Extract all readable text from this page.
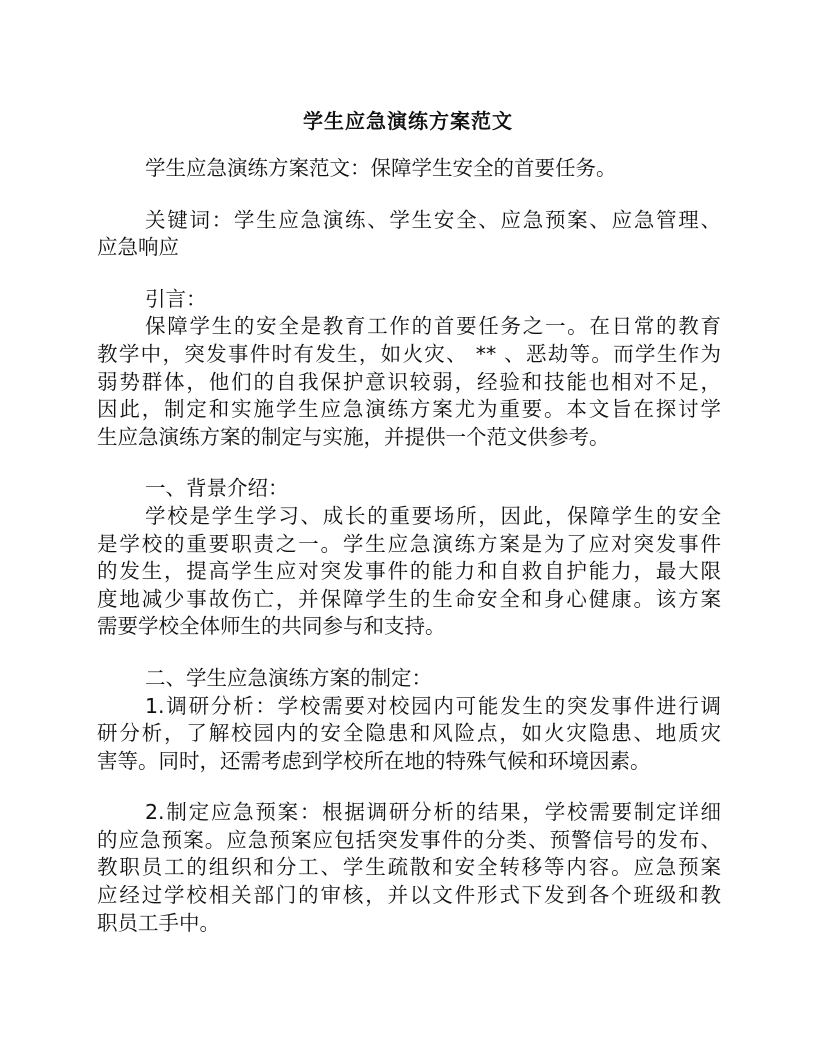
学生应急演练方案范文
学生应急演练方案范文：保障学生安全的首要任务。
关键词：学生应急演练、学生安全、应急预案、应急管理、
应急响应
引言：
保障学生的安全是教育工作的首要任务之一。在日常的教育
教学中，突发事件时有发生，如火灾、 ** 、恶劫等。而学生作为
弱势群体，他们的自我保护意识较弱，经验和技能也相对不足，
因此，制定和实施学生应急演练方案尤为重要。本文旨在探讨学
生应急演练方案的制定与实施，并提供一个范文供参考。
一、背景介绍：
学校是学生学习、成长的重要场所，因此，保障学生的安全
是学校的重要职责之一。学生应急演练方案是为了应对突发事件
的发生，提高学生应对突发事件的能力和自救自护能力，最大限
度地减少事故伤亡，并保障学生的生命安全和身心健康。该方案
需要学校全体师生的共同参与和支持。
二、学生应急演练方案的制定：
1.调研分析：学校需要对校园内可能发生的突发事件进行调
研分析，了解校园内的安全隐患和风险点，如火灾隐患、地质灾
害等。同时，还需考虑到学校所在地的特殊气候和环境因素。
2.制定应急预案：根据调研分析的结果，学校需要制定详细
的应急预案。应急预案应包括突发事件的分类、预警信号的发布、
教职员工的组织和分工、学生疏散和安全转移等内容。应急预案
应经过学校相关部门的审核，并以文件形式下发到各个班级和教
职员工手中。
